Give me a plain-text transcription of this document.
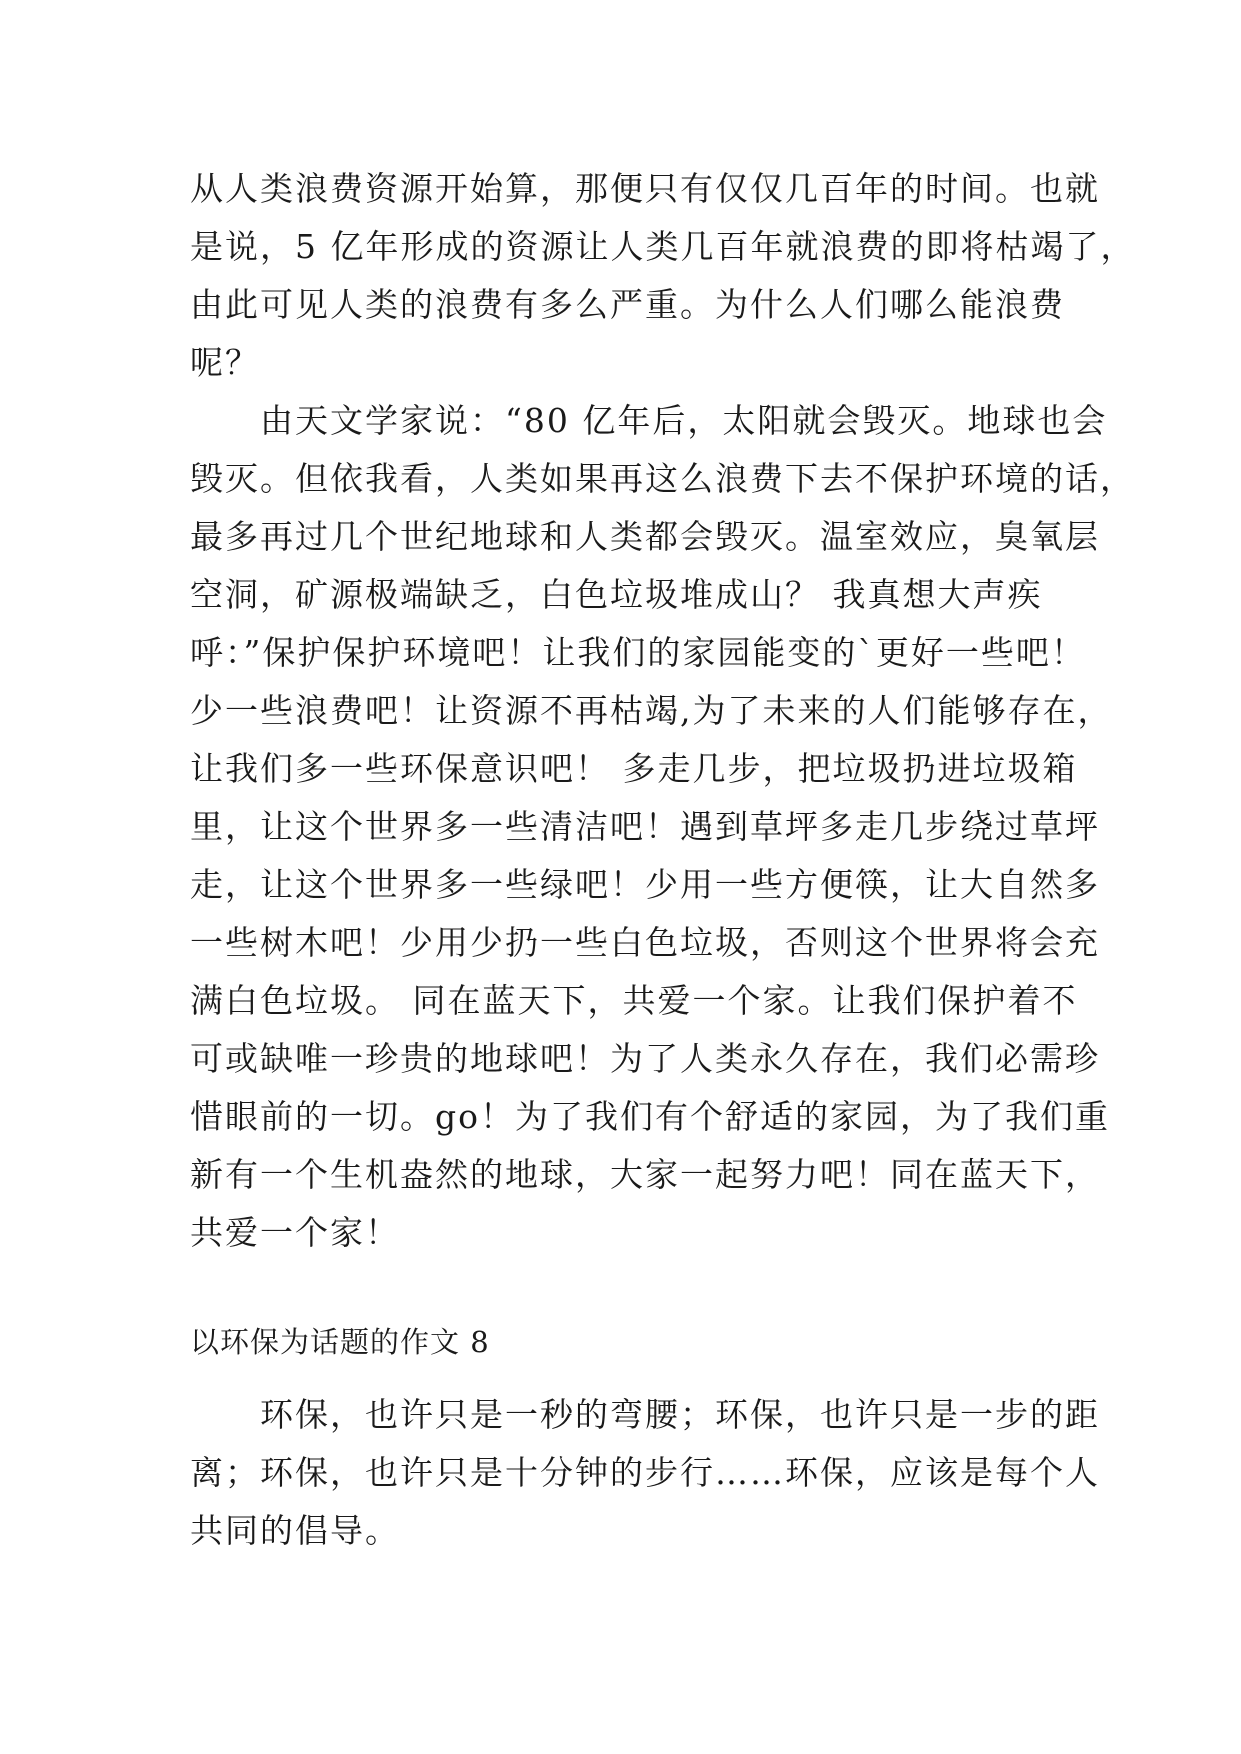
从人类浪费资源开始算，那便只有仅仅几百年的时间。也就
是说，5 亿年形成的资源让人类几百年就浪费的即将枯竭了，
由此可见人类的浪费有多么严重。为什么人们哪么能浪费
呢？
　　由天文学家说：“80 亿年后，太阳就会毁灭。地球也会
毁灭。但依我看，人类如果再这么浪费下去不保护环境的话，
最多再过几个世纪地球和人类都会毁灭。温室效应，臭氧层
空洞，矿源极端缺乏，白色垃圾堆成山？ 我真想大声疾
呼：”保护保护环境吧！让我们的家园能变的`更好一些吧！
少一些浪费吧！让资源不再枯竭,为了未来的人们能够存在，
让我们多一些环保意识吧！ 多走几步，把垃圾扔进垃圾箱
里，让这个世界多一些清洁吧！遇到草坪多走几步绕过草坪
走，让这个世界多一些绿吧！少用一些方便筷，让大自然多
一些树木吧！少用少扔一些白色垃圾，否则这个世界将会充
满白色垃圾。 同在蓝天下，共爱一个家。让我们保护着不
可或缺唯一珍贵的地球吧！为了人类永久存在，我们必需珍
惜眼前的一切。go！为了我们有个舒适的家园，为了我们重
新有一个生机盎然的地球，大家一起努力吧！同在蓝天下，
共爱一个家！
以环保为话题的作文 8
　　环保，也许只是一秒的弯腰；环保，也许只是一步的距
离；环保，也许只是十分钟的步行……环保，应该是每个人
共同的倡导。
